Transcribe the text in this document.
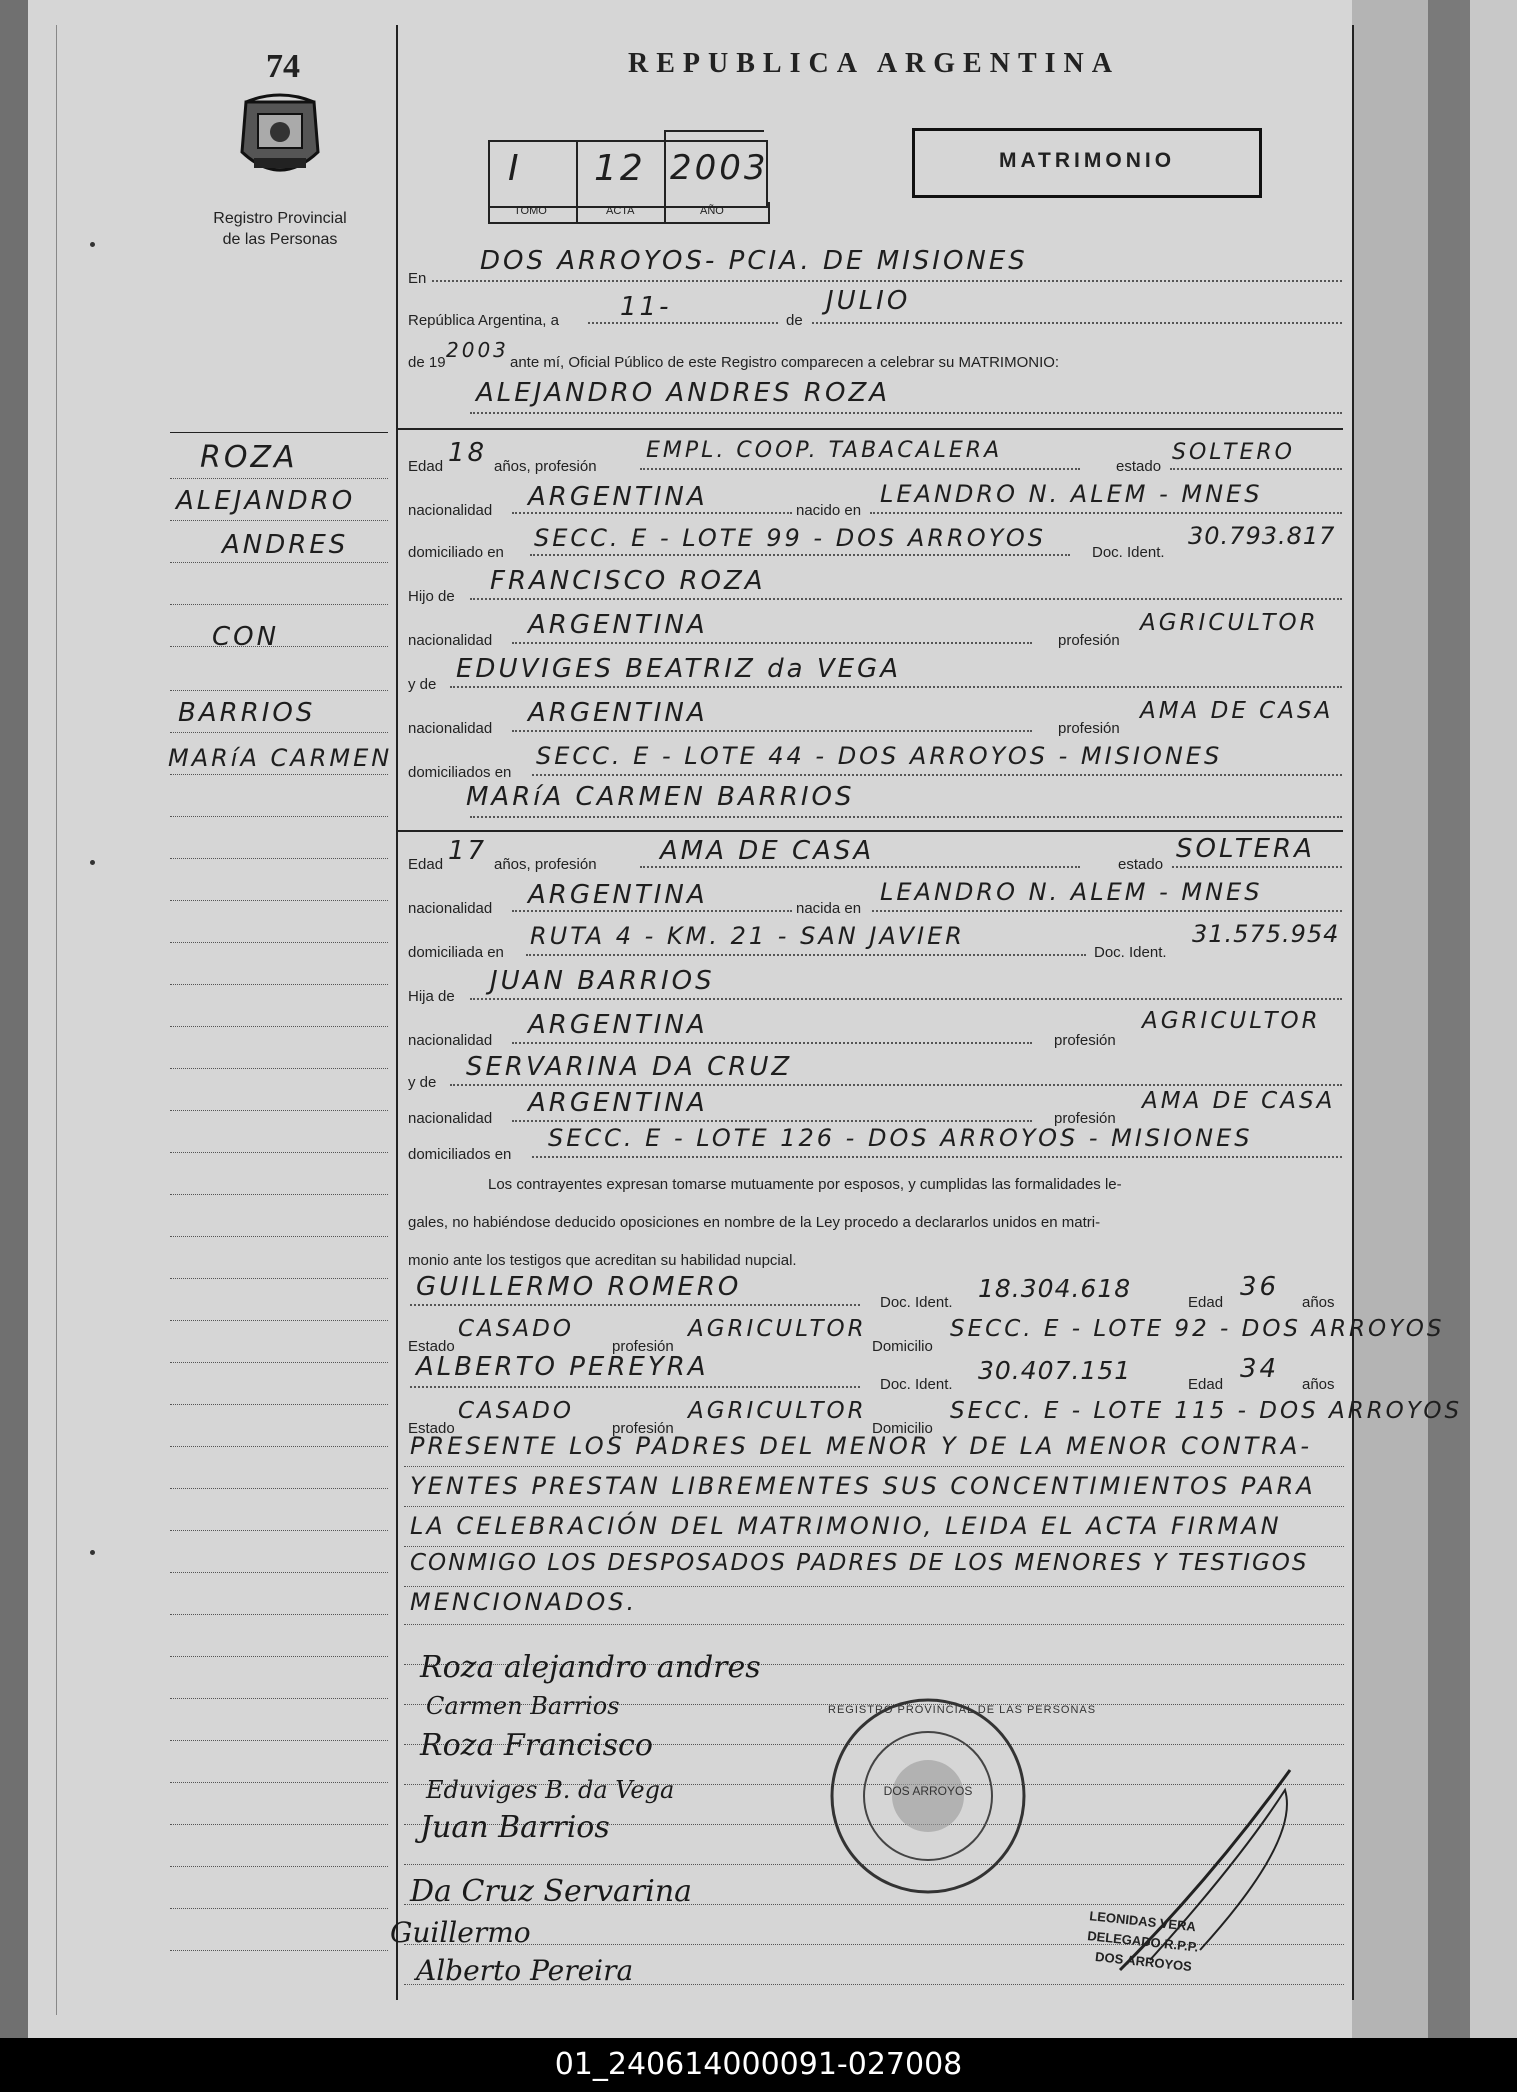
74
Registro Provincial
de las Personas
REPUBLICA ARGENTINA
I 12 2003
TOMO	ACTA	AÑO
MATRIMONIO
En
DOS ARROYOS- PCIA. DE MISIONES
República Argentina, a 11-	de
JULIO
de 19
2003
ante mí, Oficial Público de este Registro comparecen a celebrar su MATRIMONIO:
ALEJANDRO ANDRES ROZA
ROZA
ALEJANDRO
ANDRES
CON
BARRIOS
MARíA CARMEN
Edad 18 años, profesión
EMPL. COOP. TABACALERA
estado
SOLTERO
nacionalidad ARGENTINA	nacido en
LEANDRO N. ALEM - MNES
domiciliado en
SECC. E - LOTE 99 - DOS ARROYOS
Doc. Ident.
30.793.817
Hijo de
FRANCISCO ROZA
nacionalidad
ARGENTINA
profesión
AGRICULTOR
y de
EDUVIGES BEATRIZ da VEGA
nacionalidad
ARGENTINA
profesión
AMA DE CASA
domiciliados en
SECC. E - LOTE 44 - DOS ARROYOS - MISIONES
MARíA CARMEN BARRIOS
Edad 17 años, profesión AMA DE CASA	estado
SOLTERA
nacionalidad ARGENTINA	nacida en
LEANDRO N. ALEM - MNES
domiciliada en
RUTA 4 - KM. 21 - SAN JAVIER
Doc. Ident.
31.575.954
Hija de
JUAN BARRIOS
nacionalidad
ARGENTINA
profesión
AGRICULTOR
y de
SERVARINA DA CRUZ
nacionalidad
ARGENTINA
profesión
AMA DE CASA
domiciliados en
SECC. E - LOTE 126 - DOS ARROYOS - MISIONES
Los contrayentes expresan tomarse mutuamente por esposos, y cumplidas las formalidades le-
gales, no habiéndose deducido oposiciones en nombre de la Ley procedo a declararlos unidos en matri-
monio ante los testigos que acreditan su habilidad nupcial.
GUILLERMO ROMERO
Doc. Ident. 18.304.618	Edad
36
años
Estado
CASADO
profesión
AGRICULTOR
Domicilio
SECC. E - LOTE 92 - DOS ARROYOS
ALBERTO PEREYRA
Doc. Ident. 30.407.151	Edad
34
años
Estado
CASADO
profesión
AGRICULTOR
Domicilio
SECC. E - LOTE 115 - DOS ARROYOS
PRESENTE LOS PADRES DEL MENOR Y DE LA MENOR CONTRA-
YENTES PRESTAN LIBREMENTES SUS CONCENTIMIENTOS PARA
LA CELEBRACIÓN DEL MATRIMONIO, LEIDA EL ACTA FIRMAN
CONMIGO LOS DESPOSADOS PADRES DE LOS MENORES Y TESTIGOS
MENCIONADOS.
DOS ARROYOS
REGISTRO PROVINCIAL DE LAS PERSONAS
Roza alejandro andres
Carmen Barrios
Roza Francisco
Eduviges B. da Vega
Juan Barrios
Da Cruz Servarina
Guillermo
Alberto Pereira
LEONIDAS VERA
DELEGADO R.P.P.
DOS ARROYOS
01_240614000091-027008
